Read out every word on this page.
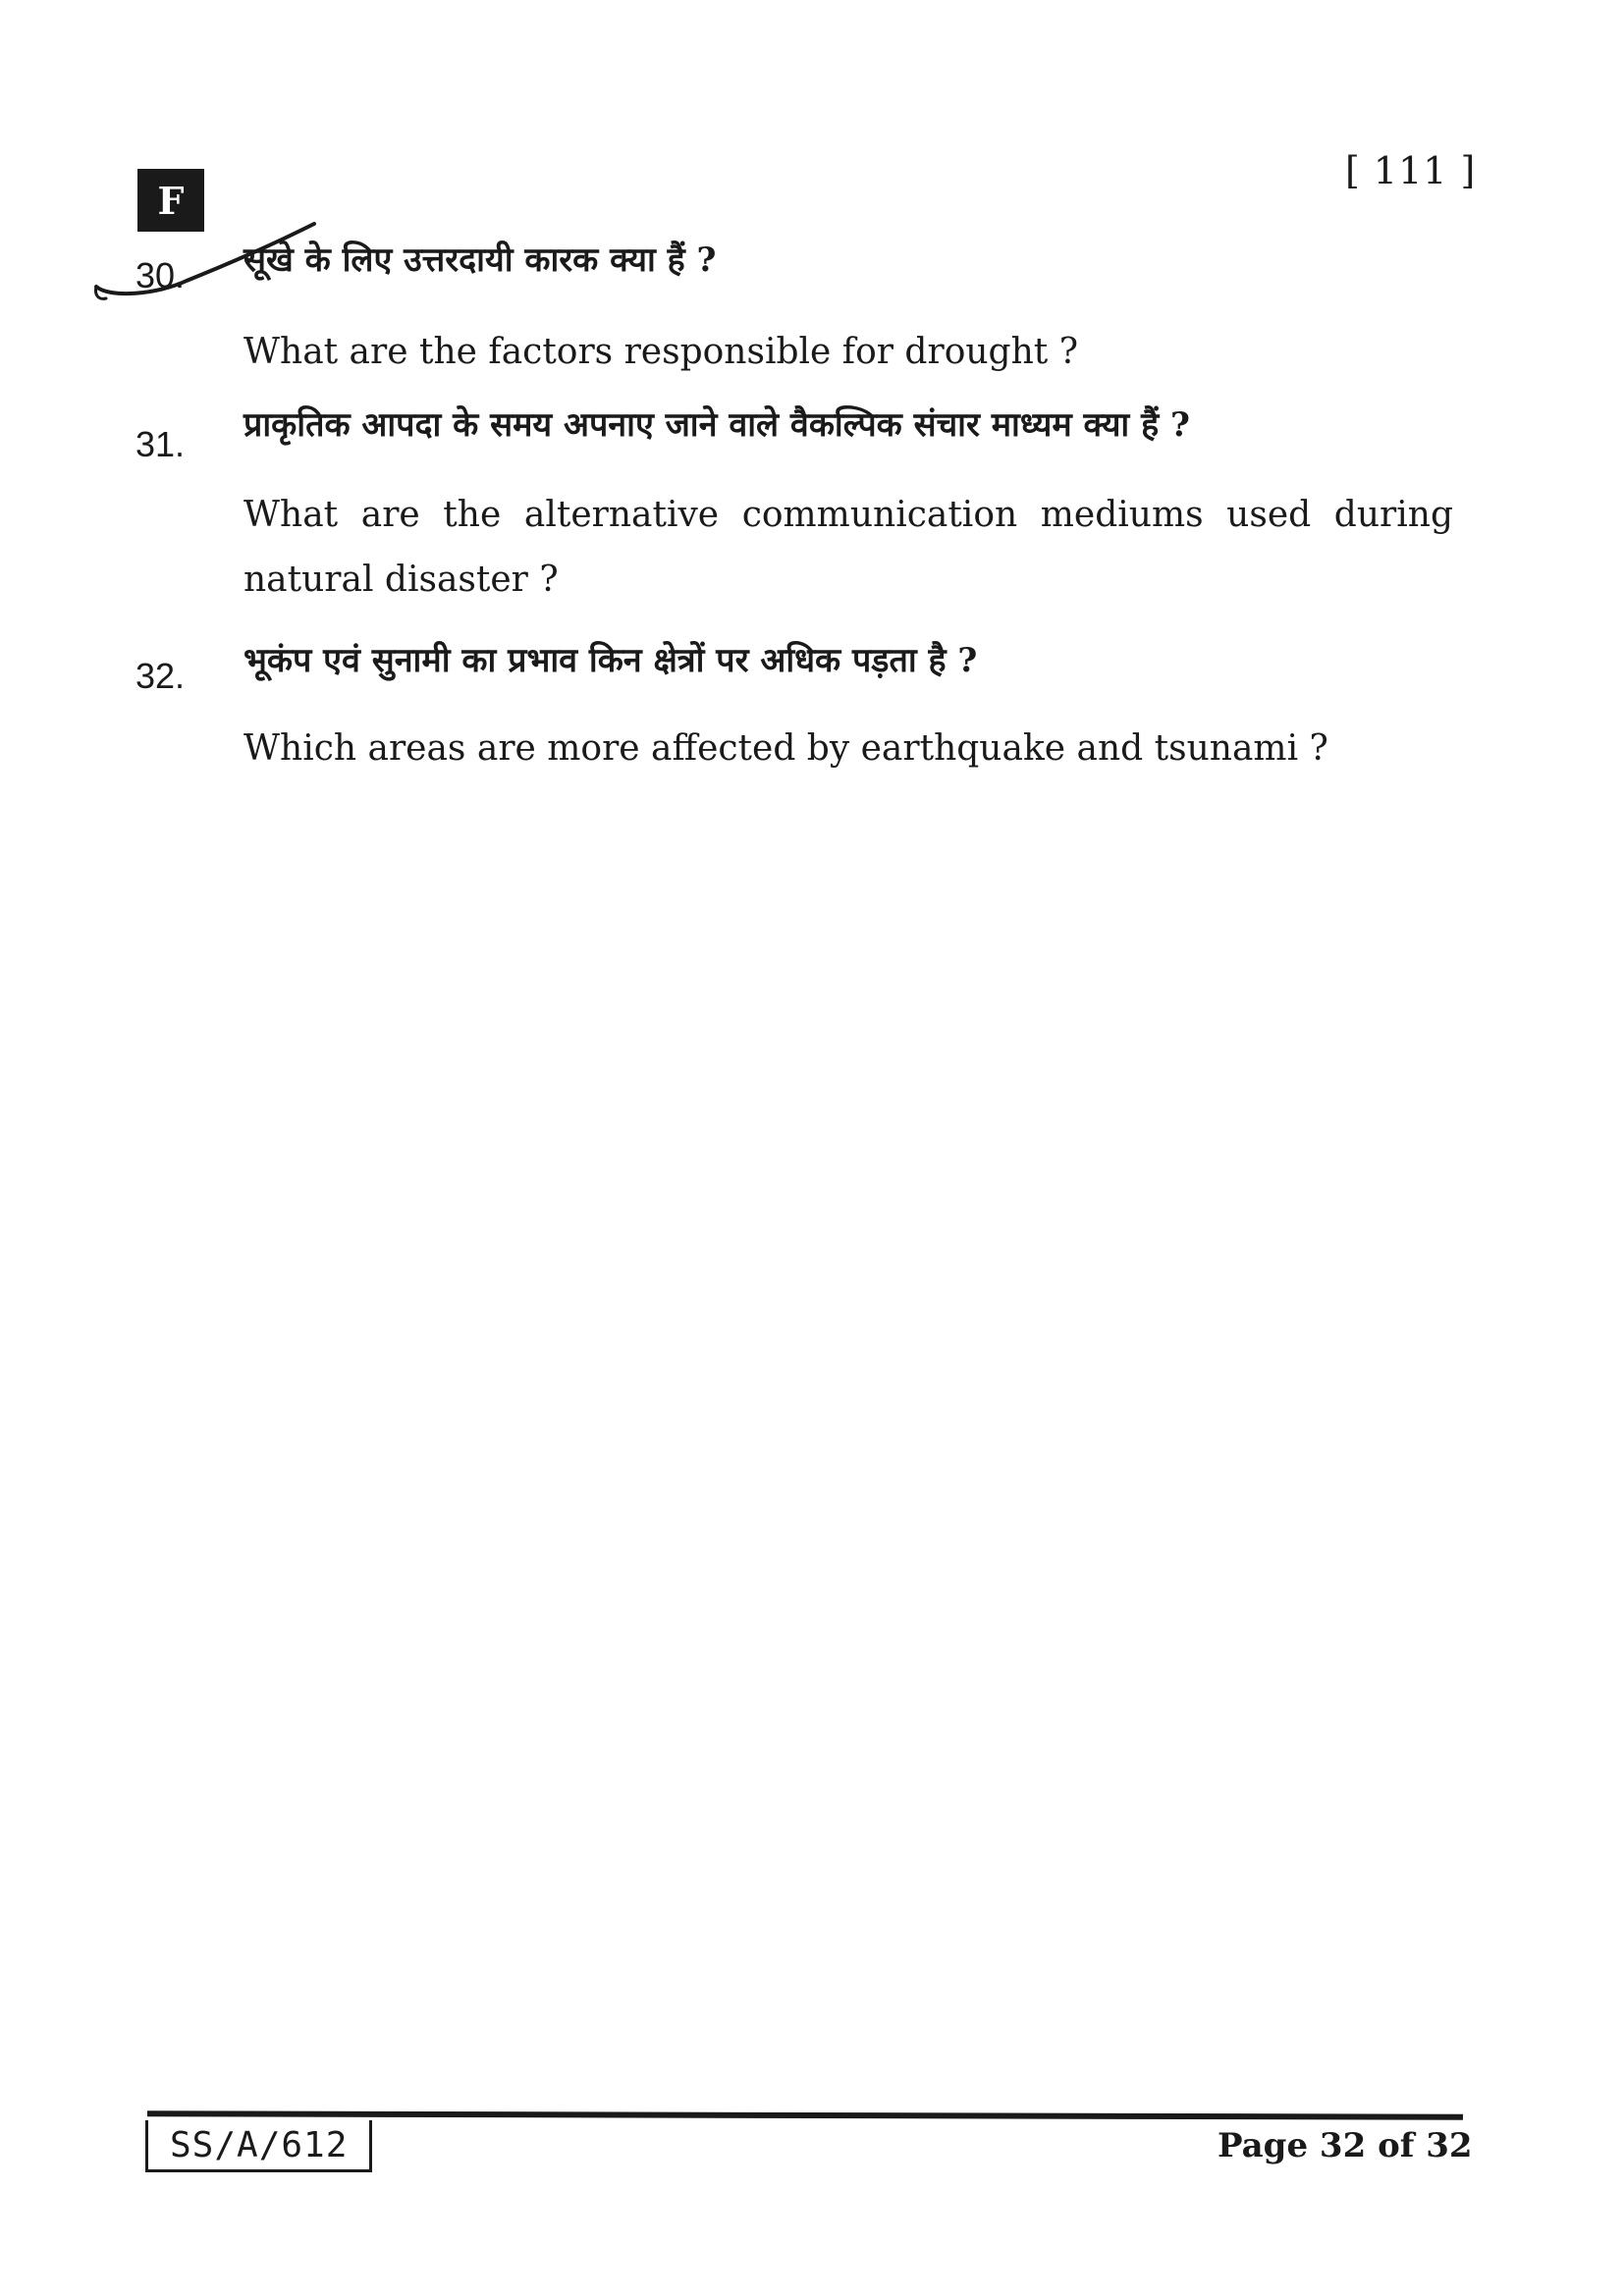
F
[ 111 ]
30. सूखे के लिए उत्तरदायी कारक क्या हैं ?
What are the factors responsible for drought ?
31. प्राकृतिक आपदा के समय अपनाए जाने वाले वैकल्पिक संचार माध्यम क्या हैं ?
What are the alternative communication mediums used during natural disaster ?
32. भूकंप एवं सुनामी का प्रभाव किन क्षेत्रों पर अधिक पड़ता है ?
Which areas are more affected by earthquake and tsunami ?
SS/A/612	Page 32 of 32
